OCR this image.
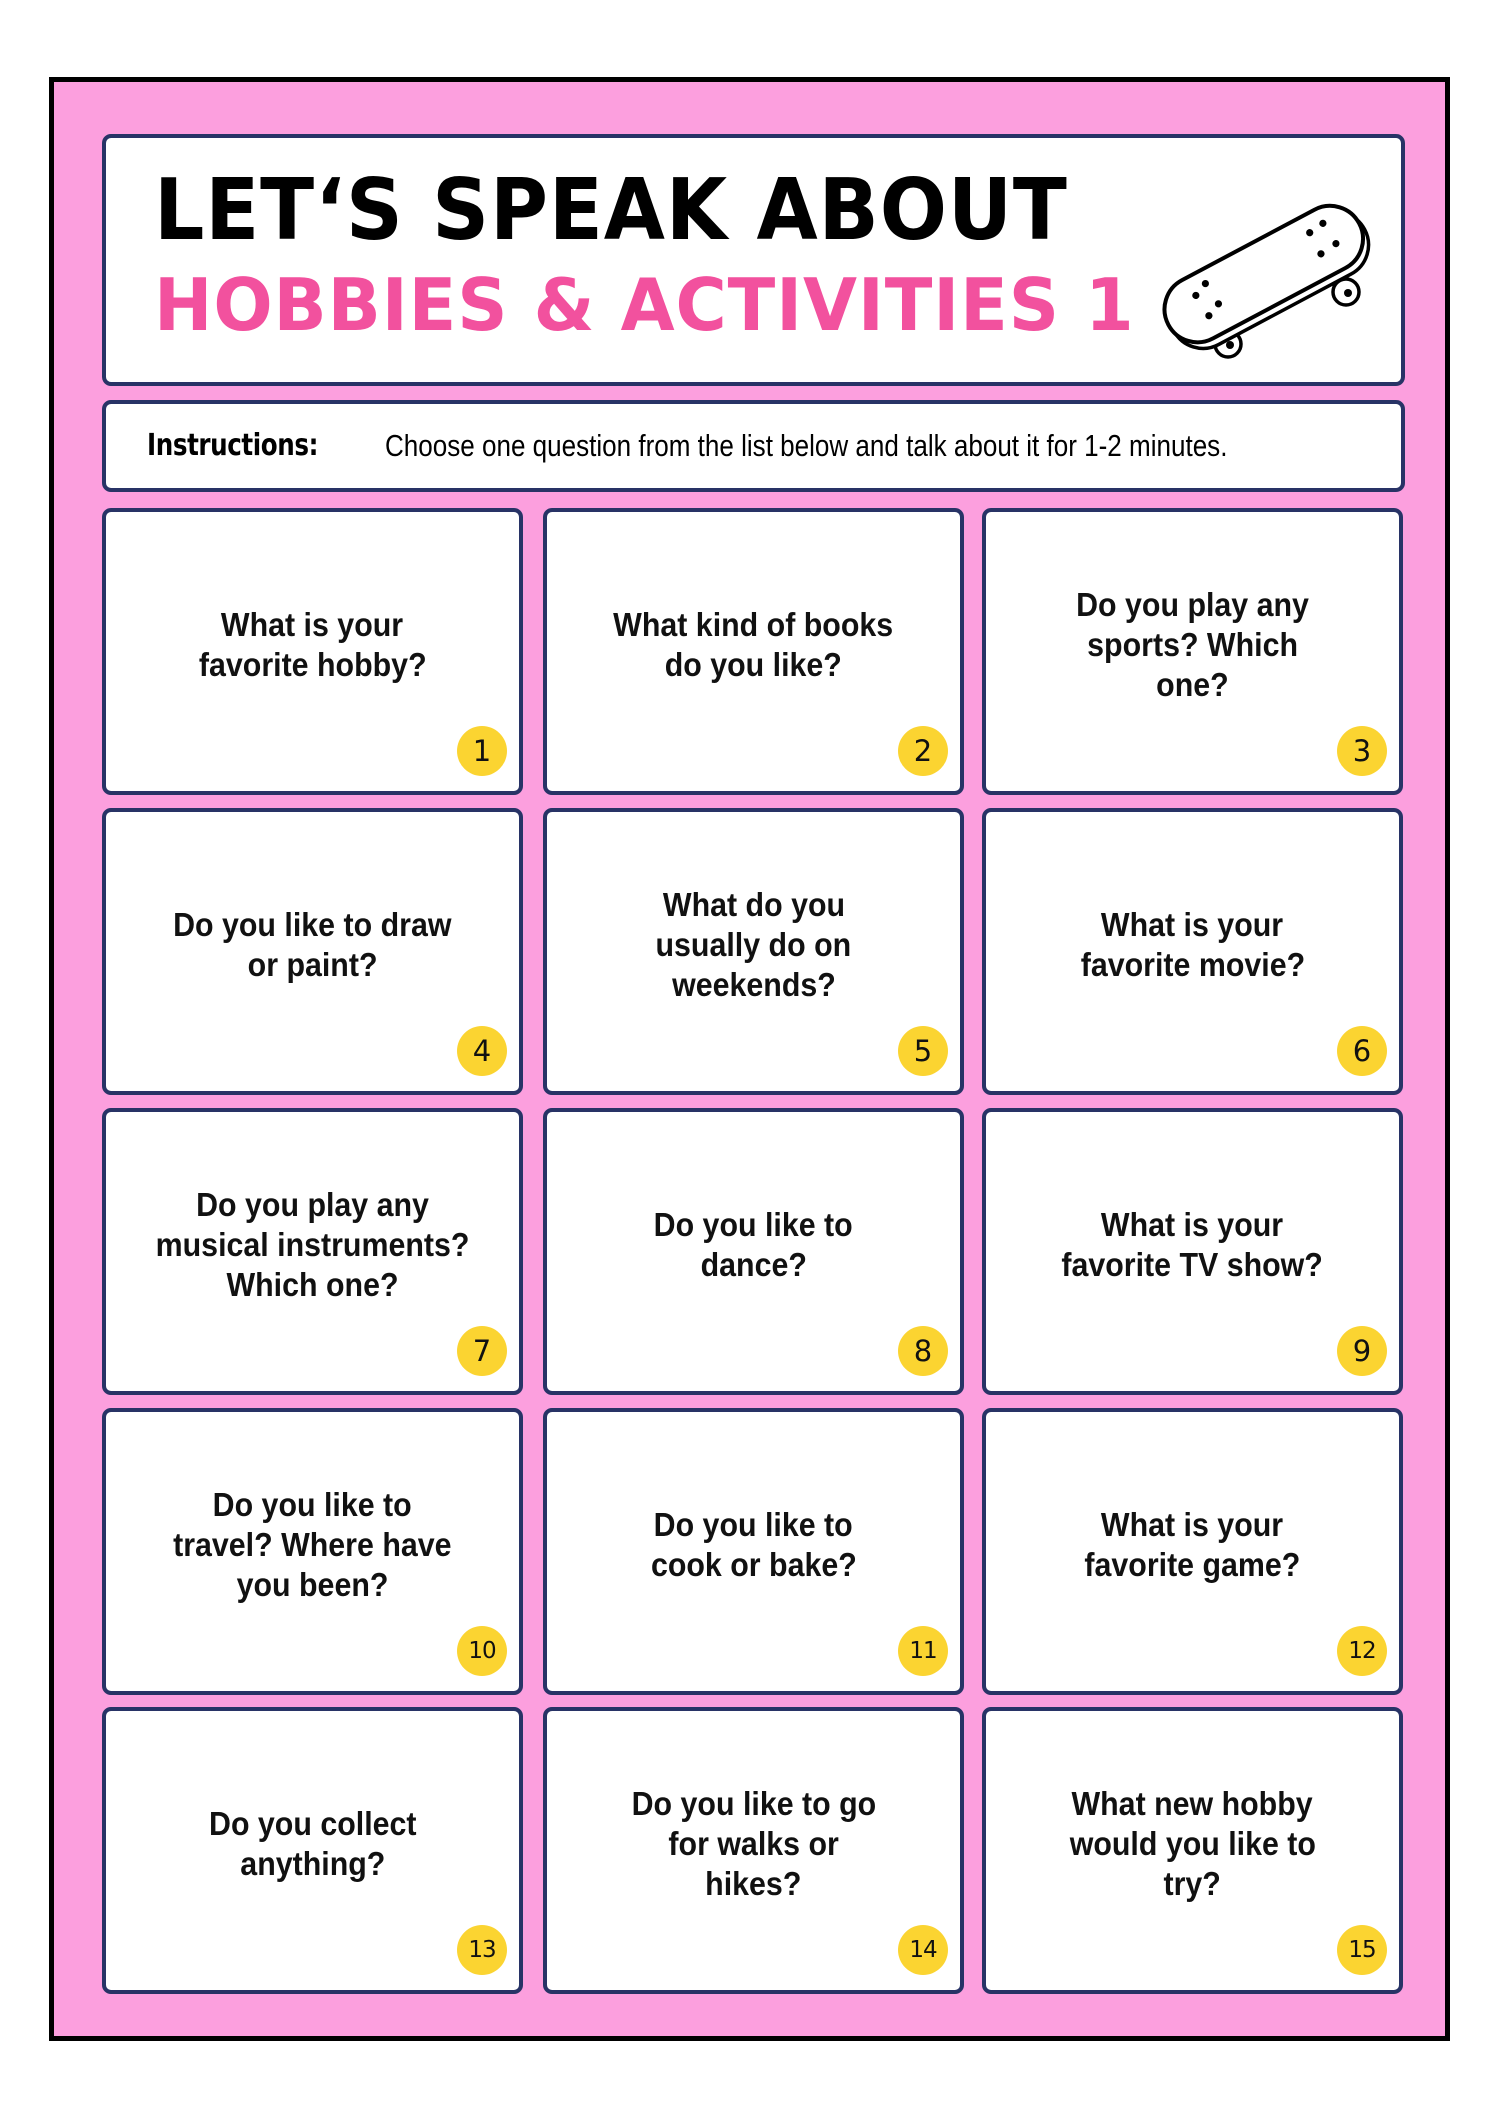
LET‘S SPEAK ABOUT
HOBBIES & ACTIVITIES 1
Instructions: Choose one question from the list below and talk about it for 1-2 minutes.
What is your
favorite hobby?
1
What kind of books
do you like?
2
Do you play any
sports? Which
one?
3
Do you like to draw
or paint?
4
What do you
usually do on
weekends?
5
What is your
favorite movie?
6
Do you play any
musical instruments?
Which one?
7
Do you like to
dance?
8
What is your
favorite TV show?
9
Do you like to
travel? Where have
you been?
10
Do you like to
cook or bake?
11
What is your
favorite game?
12
Do you collect
anything?
13
Do you like to go
for walks or
hikes?
14
What new hobby
would you like to
try?
15
